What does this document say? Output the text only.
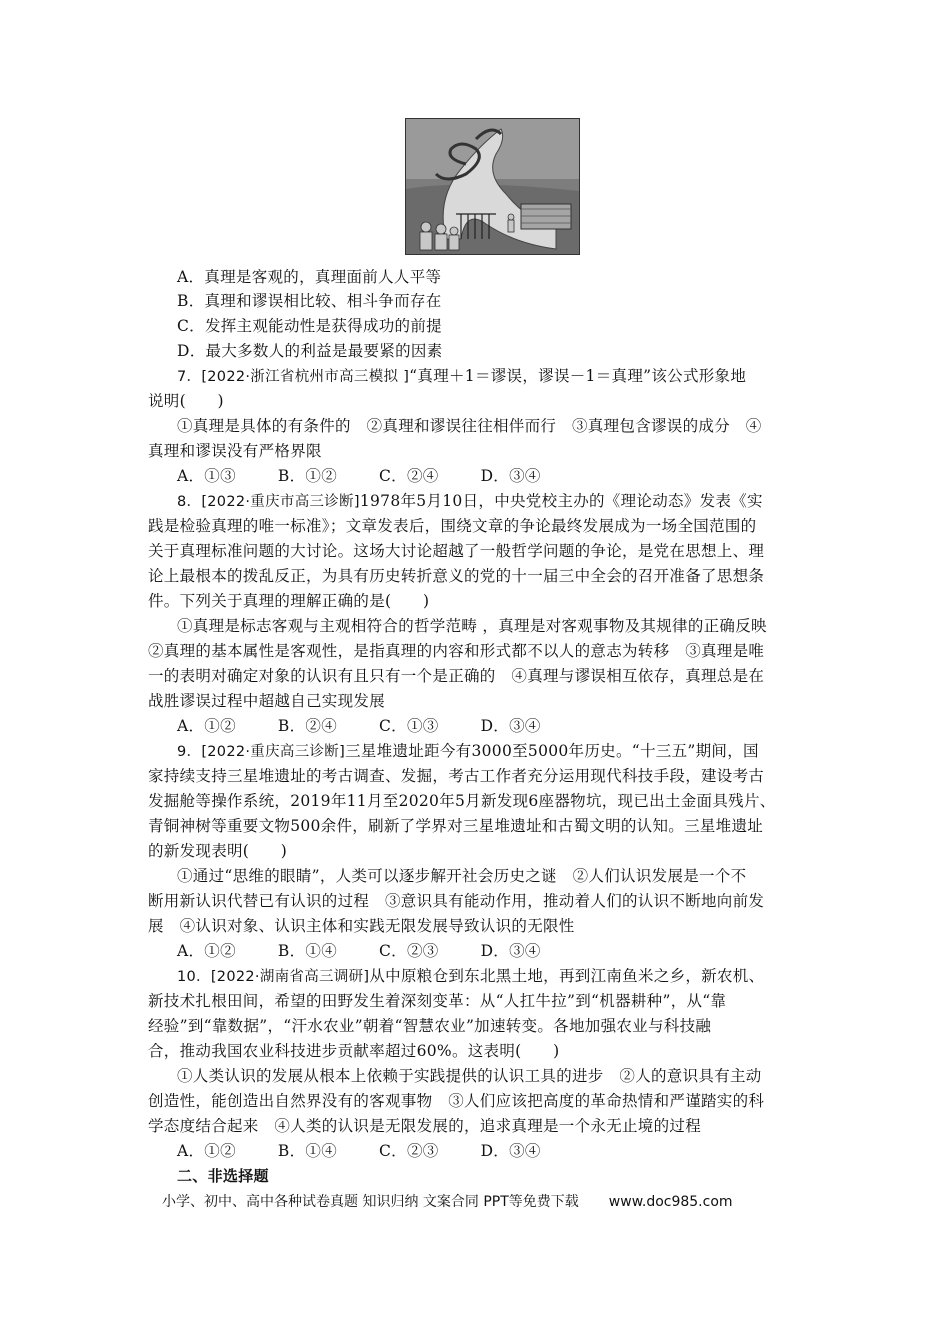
A．真理是客观的，真理面前人人平等
B．真理和谬误相比较、相斗争而存在
C．发挥主观能动性是获得成功的前提
D．最大多数人的利益是最要紧的因素
7．[2022·浙江省杭州市高三模拟 ]“真理＋1＝谬误，谬误－1＝真理”该公式形象地
说明(　　)
①真理是具体的有条件的　②真理和谬误往往相伴而行　③真理包含谬误的成分　④
真理和谬误没有严格界限
A．①③	B．①②	C．②④	D．③④
8．[2022·重庆市高三诊断]1978年5月10日，中央党校主办的《理论动态》发表《实
践是检验真理的唯一标准》；文章发表后，围绕文章的争论最终发展成为一场全国范围的
关于真理标准问题的大讨论。这场大讨论超越了一般哲学问题的争论，是党在思想上、理
论上最根本的拨乱反正，为具有历史转折意义的党的十一届三中全会的召开准备了思想条
件。下列关于真理的理解正确的是(　　)
①真理是标志客观与主观相符合的哲学范畴 ，真理是对客观事物及其规律的正确反映
②真理的基本属性是客观性，是指真理的内容和形式都不以人的意志为转移　③真理是唯
一的表明对确定对象的认识有且只有一个是正确的　④真理与谬误相互依存，真理总是在
战胜谬误过程中超越自己实现发展
A．①②	B．②④	C．①③	D．③④
9．[2022·重庆高三诊断]三星堆遗址距今有3000至5000年历史。“十三五”期间，国
家持续支持三星堆遗址的考古调查、发掘，考古工作者充分运用现代科技手段，建设考古
发掘舱等操作系统，2019年11月至2020年5月新发现6座器物坑，现已出土金面具残片、
青铜神树等重要文物500余件，刷新了学界对三星堆遗址和古蜀文明的认知。三星堆遗址
的新发现表明(　　)
①通过“思维的眼睛”，人类可以逐步解开社会历史之谜　②人们认识发展是一个不
断用新认识代替已有认识的过程　③意识具有能动作用，推动着人们的认识不断地向前发
展　④认识对象、认识主体和实践无限发展导致认识的无限性
A．①②	B．①④	C．②③	D．③④
10．[2022·湖南省高三调研]从中原粮仓到东北黑土地，再到江南鱼米之乡，新农机、
新技术扎根田间，希望的田野发生着深刻变革：从“人扛牛拉”到“机器耕种”，从“靠
经验”到“靠数据”，“汗水农业”朝着“智慧农业”加速转变。各地加强农业与科技融
合，推动我国农业科技进步贡献率超过60%。这表明(　　)
①人类认识的发展从根本上依赖于实践提供的认识工具的进步　②人的意识具有主动
创造性，能创造出自然界没有的客观事物　③人们应该把高度的革命热情和严谨踏实的科
学态度结合起来　④人类的认识是无限发展的，追求真理是一个永无止境的过程
A．①②	B．①④	C．②③	D．③④
二、非选择题
小学、初中、高中各种试卷真题 知识归纳 文案合同 PPT等免费下载 www.doc985.com
